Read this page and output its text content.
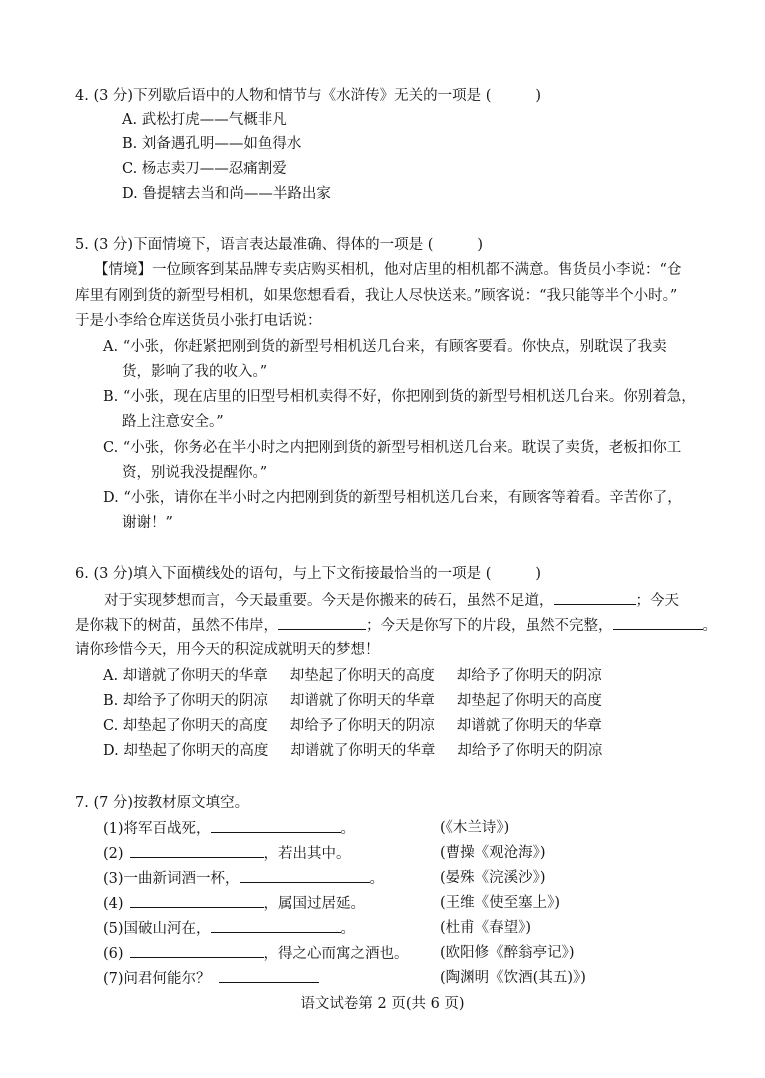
4. (3 分)下列歇后语中的人物和情节与《水浒传》无关的一项是 (	)
A. 武松打虎——气概非凡
B. 刘备遇孔明——如鱼得水
C. 杨志卖刀——忍痛割爱
D. 鲁提辖去当和尚——半路出家
5. (3 分)下面情境下，语言表达最准确、得体的一项是 (	)
【情境】一位顾客到某品牌专卖店购买相机，他对店里的相机都不满意。售货员小李说：“仓
库里有刚到货的新型号相机，如果您想看看，我让人尽快送来。”顾客说：“我只能等半个小时。”
于是小李给仓库送货员小张打电话说：
A. “小张，你赶紧把刚到货的新型号相机送几台来，有顾客要看。你快点，别耽误了我卖
货，影响了我的收入。”
B. “小张，现在店里的旧型号相机卖得不好，你把刚到货的新型号相机送几台来。你别着急，
路上注意安全。”
C. “小张，你务必在半小时之内把刚到货的新型号相机送几台来。耽误了卖货，老板扣你工
资，别说我没提醒你。”
D. “小张，请你在半小时之内把刚到货的新型号相机送几台来，有顾客等着看。辛苦你了，
谢谢！”
6. (3 分)填入下面横线处的语句，与上下文衔接最恰当的一项是 (	)
对于实现梦想而言，今天最重要。今天是你搬来的砖石，虽然不足道，	；今天
是你栽下的树苗，虽然不伟岸，	；今天是你写下的片段，虽然不完整，	。
请你珍惜今天，用今天的积淀成就明天的梦想！
A. 却谱就了你明天的华章 却垫起了你明天的高度 却给予了你明天的阴凉
B. 却给予了你明天的阴凉 却谱就了你明天的华章 却垫起了你明天的高度
C. 却垫起了你明天的高度 却给予了你明天的阴凉 却谱就了你明天的华章
D. 却垫起了你明天的高度 却谱就了你明天的华章 却给予了你明天的阴凉
7. (7 分)按教材原文填空。
(1)将军百战死，	。	(《木兰诗》)
(2)	，若出其中。	(曹操《观沧海》)
(3)一曲新词酒一杯，	。	(晏殊《浣溪沙》)
(4)	，属国过居延。	(王维《使至塞上》)
(5)国破山河在，	。	(杜甫《春望》)
(6)	，得之心而寓之酒也。 (欧阳修《醉翁亭记》)
(7)问君何能尔？	(陶渊明《饮酒(其五)》)
语文试卷第 2 页(共 6 页)
